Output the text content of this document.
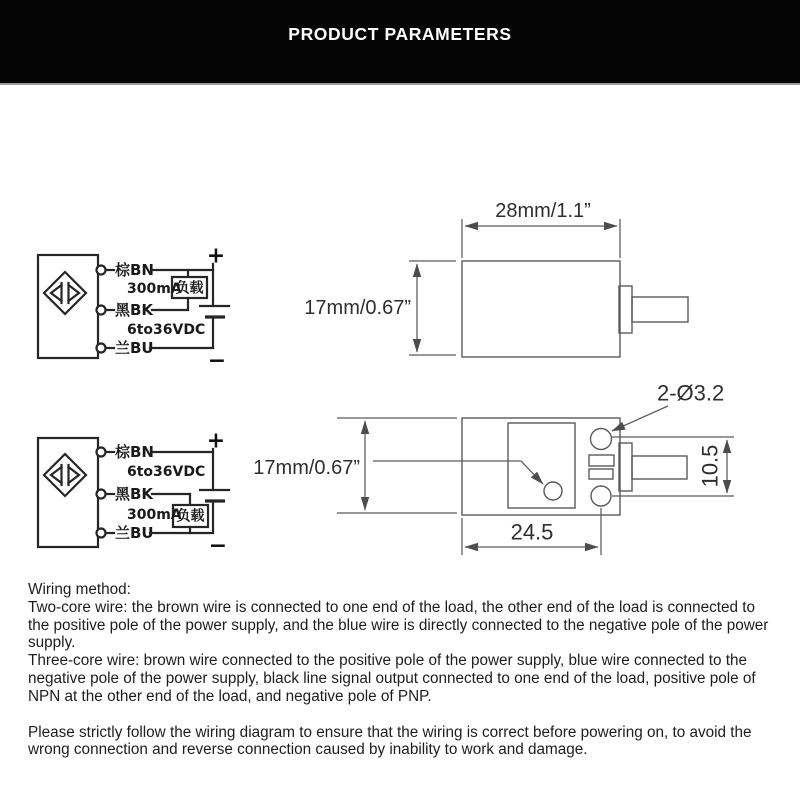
PRODUCT PARAMETERS
棕BN
负载
300mA
黑BK
6to36VDC
兰BU
+
−
棕BN
6to36VDC
黑BK
负载
300mA
兰BU
+
−
28mm/1.1”
17mm/0.67”
17mm/0.67”
2-Ø3.2
10.5
24.5

Wiring method:

Two-core wire: the brown wire is connected to one end of the load, the other end of the load is connected to the positive pole of the power supply, and the blue wire is directly connected to the negative pole of the power supply.

Three-core wire: brown wire connected to the positive pole of the power supply, blue wire connected to the negative pole of the power supply, black line signal output connected to one end of the load, positive pole of NPN at the other end of the load, and negative pole of PNP.

Please strictly follow the wiring diagram to ensure that the wiring is correct before powering on, to avoid the wrong connection and reverse connection caused by inability to work and damage.
